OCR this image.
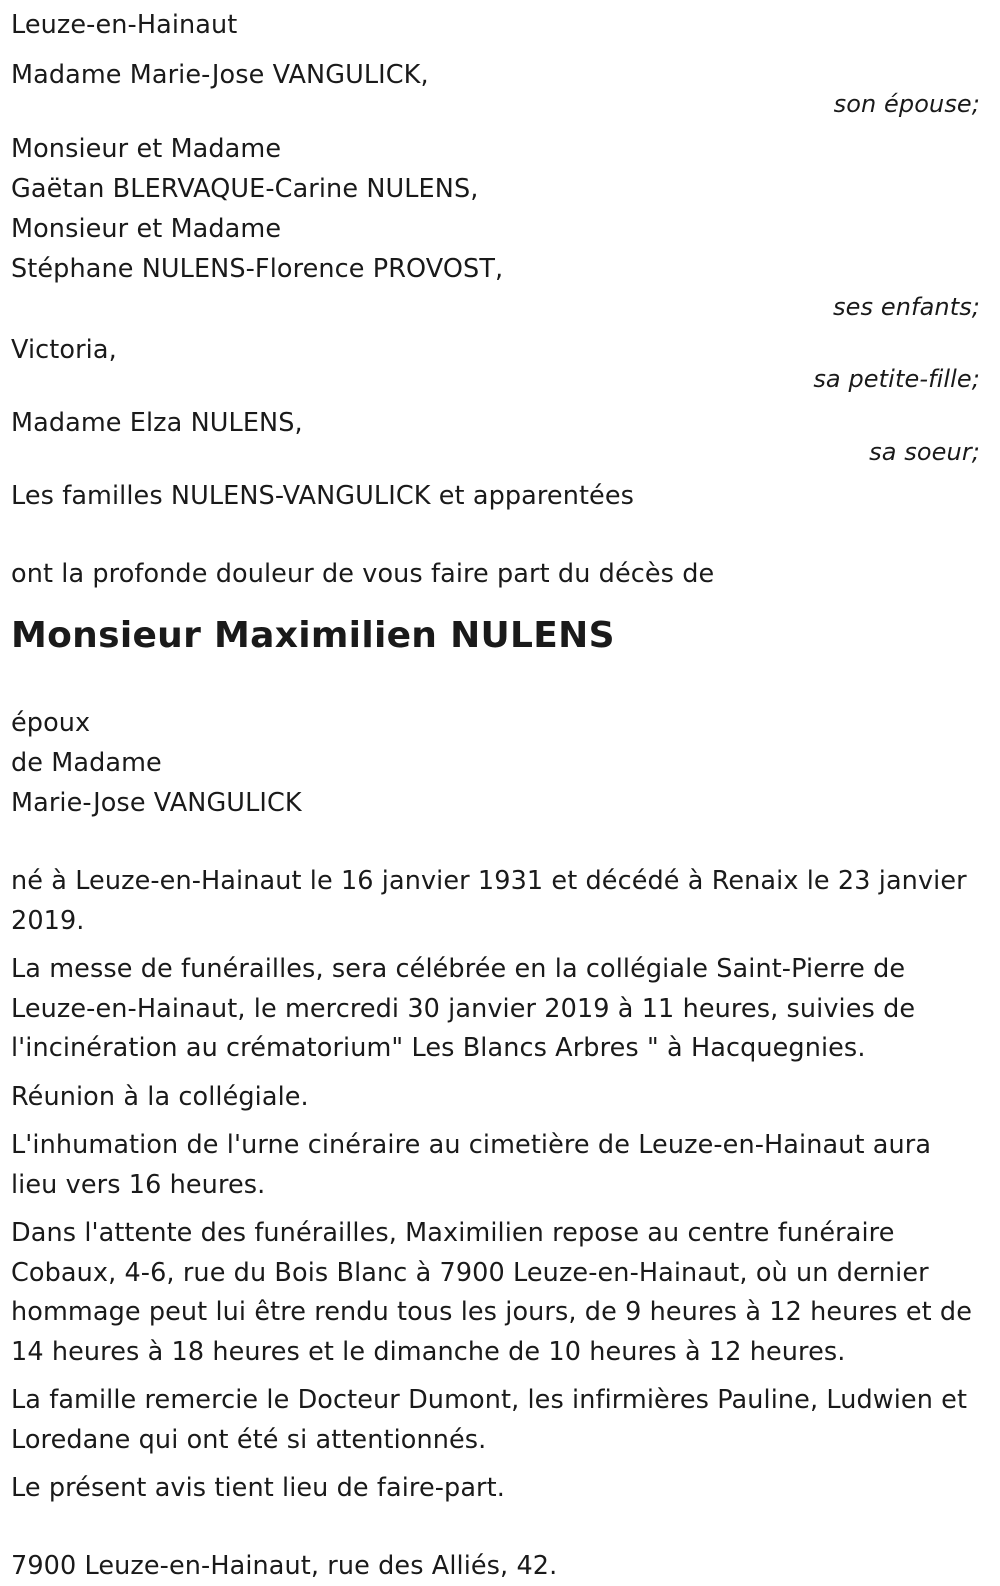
Leuze-en-Hainaut
Madame Marie-Jose VANGULICK,
son épouse;
Monsieur et Madame
Gaëtan BLERVAQUE-Carine NULENS,
Monsieur et Madame
Stéphane NULENS-Florence PROVOST,
ses enfants;
Victoria,
sa petite-fille;
Madame Elza NULENS,
sa soeur;
Les familles NULENS-VANGULICK et apparentées
ont la profonde douleur de vous faire part du décès de
Monsieur Maximilien NULENS
époux
de Madame
Marie-Jose VANGULICK
né à Leuze-en-Hainaut le 16 janvier 1931 et décédé à Renaix le 23 janvier 2019.
La messe de funérailles, sera célébrée en la collégiale Saint-Pierre de Leuze-en-Hainaut, le mercredi 30 janvier 2019 à 11 heures, suivies de l'incinération au crématorium" Les Blancs Arbres " à Hacquegnies.
Réunion à la collégiale.
L'inhumation de l'urne cinéraire au cimetière de Leuze-en-Hainaut aura lieu vers 16 heures.
Dans l'attente des funérailles, Maximilien repose au centre funéraire Cobaux, 4-6, rue du Bois Blanc à 7900 Leuze-en-Hainaut, où un dernier hommage peut lui être rendu tous les jours, de 9 heures à 12 heures et de 14 heures à 18 heures et le dimanche de 10 heures à 12 heures.
La famille remercie le Docteur Dumont, les infirmières Pauline, Ludwien et Loredane qui ont été si attentionnés.
Le présent avis tient lieu de faire-part.
7900 Leuze-en-Hainaut, rue des Alliés, 42.
